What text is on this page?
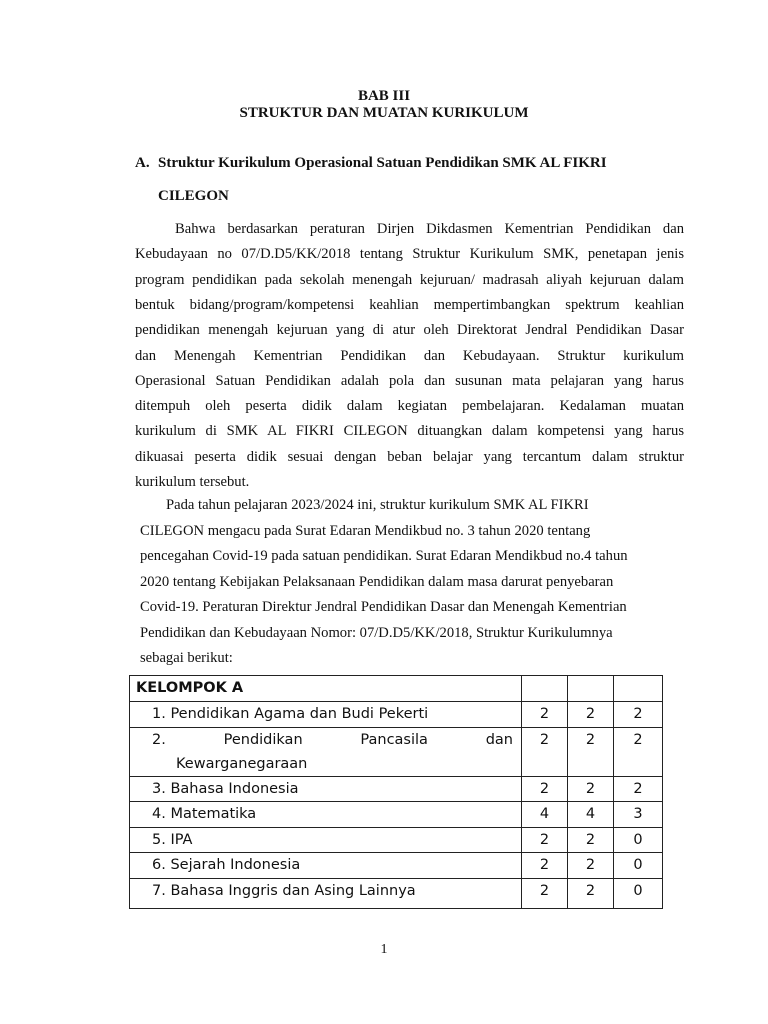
BAB III
STRUKTUR DAN MUATAN KURIKULUM
A. Struktur Kurikulum Operasional Satuan Pendidikan SMK AL FIKRI
CILEGON
Bahwa berdasarkan peraturan Dirjen Dikdasmen Kementrian Pendidikan dan
Kebudayaan no 07/D.D5/KK/2018 tentang Struktur Kurikulum SMK, penetapan jenis
program pendidikan pada sekolah menengah kejuruan/ madrasah aliyah kejuruan dalam
bentuk bidang/program/kompetensi keahlian mempertimbangkan spektrum keahlian
pendidikan menengah kejuruan yang di atur oleh Direktorat Jendral Pendidikan Dasar
dan Menengah Kementrian Pendidikan dan Kebudayaan. Struktur kurikulum
Operasional Satuan Pendidikan adalah pola dan susunan mata pelajaran yang harus
ditempuh oleh peserta didik dalam kegiatan pembelajaran. Kedalaman muatan
kurikulum di SMK AL FIKRI CILEGON dituangkan dalam kompetensi yang harus
dikuasai peserta didik sesuai dengan beban belajar yang tercantum dalam struktur
kurikulum tersebut.
Pada tahun pelajaran 2023/2024 ini, struktur kurikulum SMK AL FIKRI
CILEGON mengacu pada Surat Edaran Mendikbud no. 3 tahun 2020 tentang
pencegahan Covid-19 pada satuan pendidikan. Surat Edaran Mendikbud no.4 tahun
2020 tentang Kebijakan Pelaksanaan Pendidikan dalam masa darurat penyebaran
Covid-19. Peraturan Direktur Jendral Pendidikan Dasar dan Menengah Kementrian
Pendidikan dan Kebudayaan Nomor: 07/D.D5/KK/2018, Struktur Kurikulumnya
sebagai berikut:
KELOMPOK A			
1. Pendidikan Agama dan Budi Pekerti	2	2	2

2. Pendidikan Pancasila dan
Kewarganegaraan	2	2	2
3. Bahasa Indonesia	2	2	2
4. Matematika	4	4	3
5. IPA	2	2	0
6. Sejarah Indonesia	2	2	0
7. Bahasa Inggris dan Asing Lainnya	2	2	0
1
